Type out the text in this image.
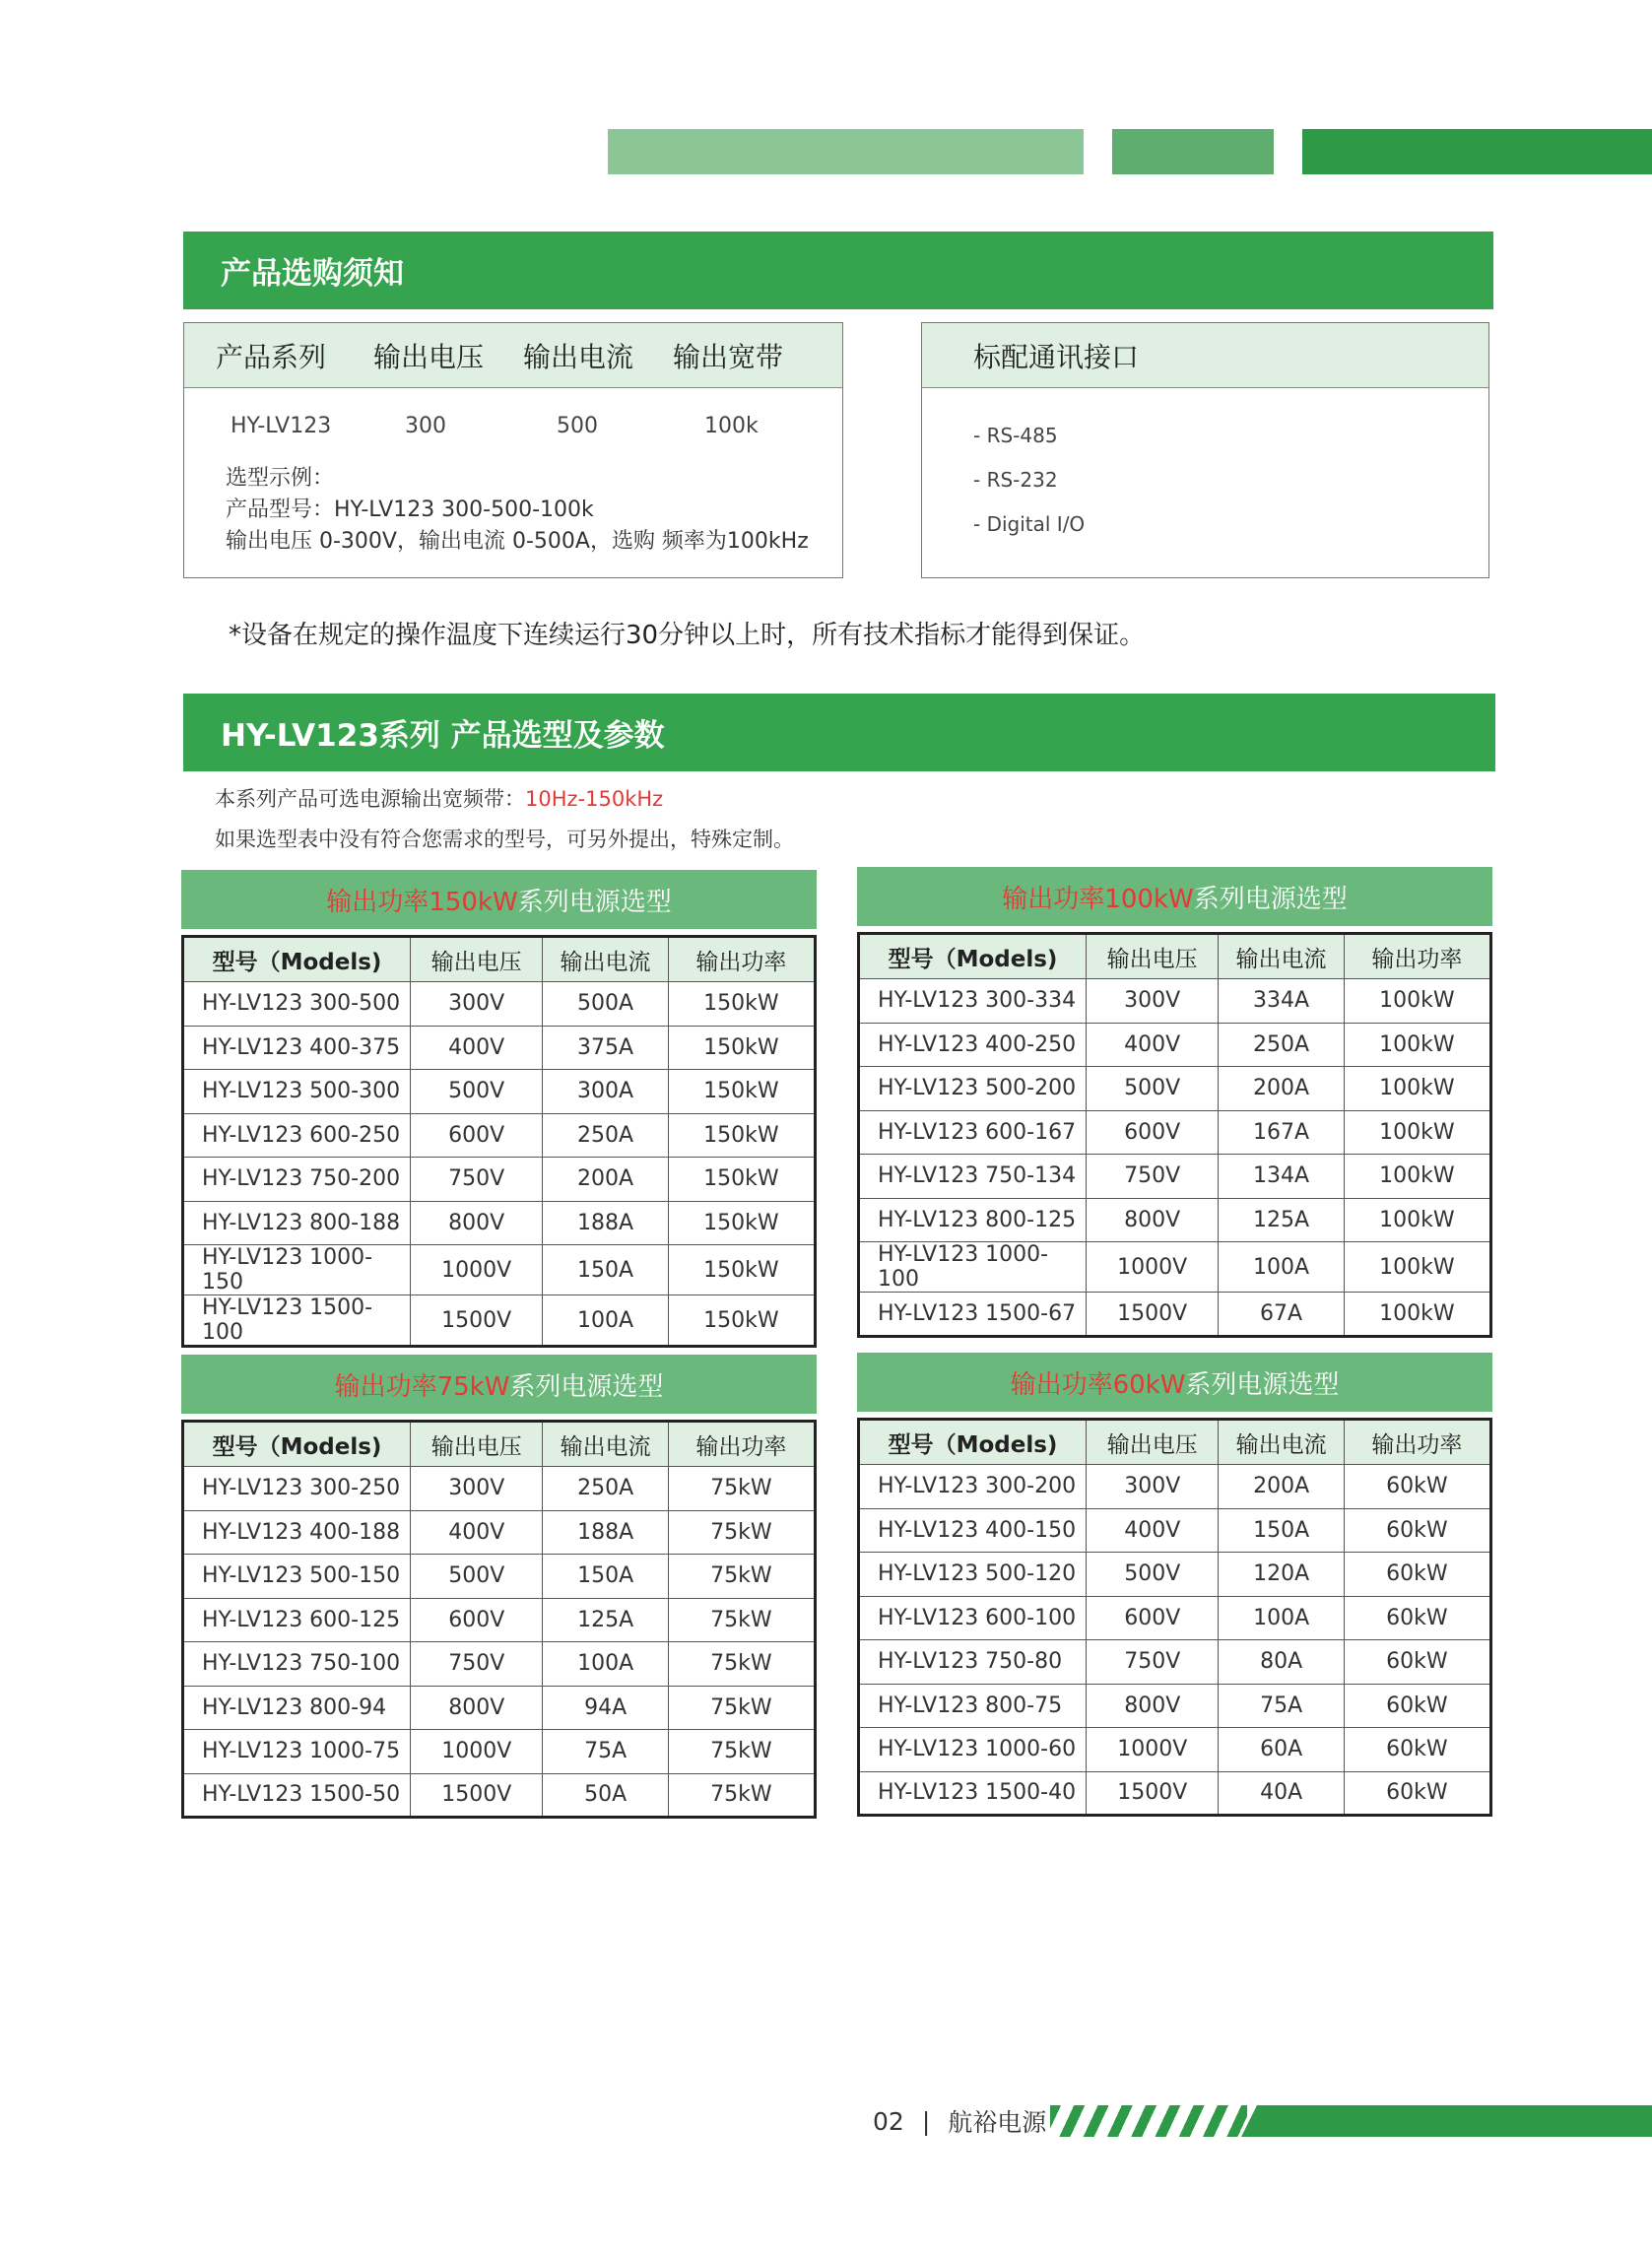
产品选购须知
产品系列 输出电压 输出电流 输出宽带
HY-LV123	300	500	100k
选型示例：
产品型号：HY-LV123 300-500-100k
输出电压 0-300V，输出电流 0-500A，选购 频率为100kHz
标配通讯接口
- RS-485
- RS-232
- Digital I/O
*设备在规定的操作温度下连续运行30分钟以上时，所有技术指标才能得到保证。
HY-LV123系列 产品选型及参数
本系列产品可选电源输出宽频带：10Hz-150kHz
如果选型表中没有符合您需求的型号，可另外提出，特殊定制。
输出功率150kW 系列电源选型
型号（Models)	输出电压	输出电流	输出功率
HY-LV123 300-500	300V	500A	150kW
HY-LV123 400-375	400V	375A	150kW
HY-LV123 500-300	500V	300A	150kW
HY-LV123 600-250	600V	250A	150kW
HY-LV123 750-200	750V	200A	150kW
HY-LV123 800-188	800V	188A	150kW
HY-LV123 1000-150	1000V	150A	150kW
HY-LV123 1500-100	1500V	100A	150kW
输出功率100kW 系列电源选型
型号（Models)	输出电压	输出电流	输出功率
HY-LV123 300-334	300V	334A	100kW
HY-LV123 400-250	400V	250A	100kW
HY-LV123 500-200	500V	200A	100kW
HY-LV123 600-167	600V	167A	100kW
HY-LV123 750-134	750V	134A	100kW
HY-LV123 800-125	800V	125A	100kW
HY-LV123 1000-100	1000V	100A	100kW
HY-LV123 1500-67	1500V	67A	100kW
输出功率75kW 系列电源选型
型号（Models)	输出电压	输出电流	输出功率
HY-LV123 300-250	300V	250A	75kW
HY-LV123 400-188	400V	188A	75kW
HY-LV123 500-150	500V	150A	75kW
HY-LV123 600-125	600V	125A	75kW
HY-LV123 750-100	750V	100A	75kW
HY-LV123 800-94	800V	94A	75kW
HY-LV123 1000-75	1000V	75A	75kW
HY-LV123 1500-50	1500V	50A	75kW
输出功率60kW 系列电源选型
型号（Models)	输出电压	输出电流	输出功率
HY-LV123 300-200	300V	200A	60kW
HY-LV123 400-150	400V	150A	60kW
HY-LV123 500-120	500V	120A	60kW
HY-LV123 600-100	600V	100A	60kW
HY-LV123 750-80	750V	80A	60kW
HY-LV123 800-75	800V	75A	60kW
HY-LV123 1000-60	1000V	60A	60kW
HY-LV123 1500-40	1500V	40A	60kW
02 | 航裕电源
